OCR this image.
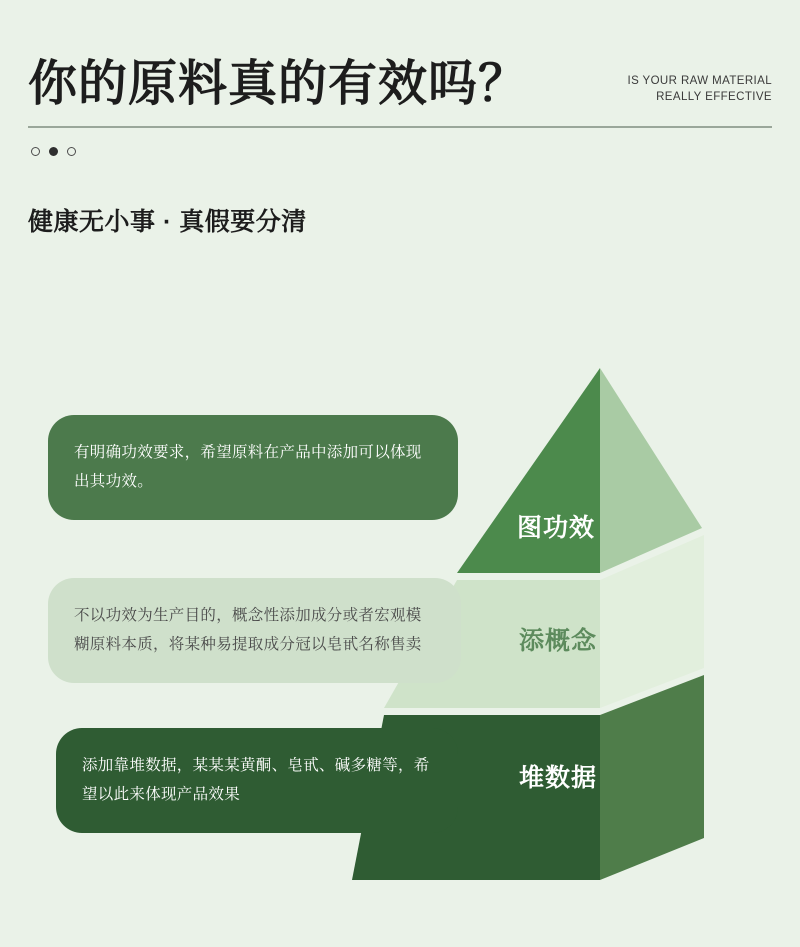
你的原料真的有效吗？	IS YOUR RAW MATERIAL
REALLY EFFECTIVE
健康无小事 · 真假要分清
图功效
添概念
堆数据

有明确功效要求，希望原料在产品中添加可以体现出其功效。

不以功效为生产目的，概念性添加成分或者宏观模糊原料本质，将某种易提取成分冠以皂甙名称售卖

添加靠堆数据，某某某黄酮、皂甙、碱多糖等，希望以此来体现产品效果
